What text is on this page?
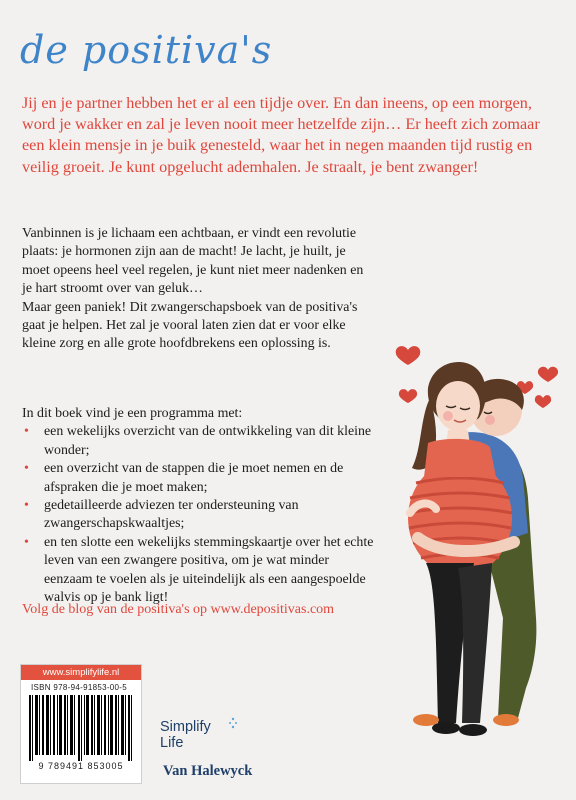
de positiva's
Jij en je partner hebben het er al een tijdje over. En dan ineens, op een morgen, word je wakker en zal je leven nooit meer hetzelfde zijn… Er heeft zich zomaar een klein mensje in je buik genesteld, waar het in negen maanden tijd rustig en veilig groeit. Je kunt opgelucht ademhalen. Je straalt, je bent zwanger!

Vanbinnen is je lichaam een achtbaan, er vindt een revolutie plaats: je hormonen zijn aan de macht! Je lacht, je huilt, je moet opeens heel veel regelen, je kunt niet meer nadenken en je hart stroomt over van geluk…

Maar geen paniek! Dit zwangerschapsboek van de positiva's gaat je helpen. Het zal je vooral laten zien dat er voor elke kleine zorg en alle grote hoofdbrekens een oplossing is.

In dit boek vind je een programma met:

• een wekelijks overzicht van de ontwikkeling van dit kleine wonder;
• een overzicht van de stappen die je moet nemen en de afspraken die je moet maken;
• gedetailleerde adviezen ter ondersteuning van zwangerschapskwaaltjes;
• en ten slotte een wekelijks stemmingskaartje over het echte leven van een zwangere positiva, om je wat minder eenzaam te voelen als je uiteindelijk als een aangespoelde walvis op je bank ligt!
Volg de blog van de positiva's op www.depositivas.com
www.simplifylife.nl
ISBN 978-94-91853-00-5
9 789491 853005
Simplify
Life
Van Halewyck
